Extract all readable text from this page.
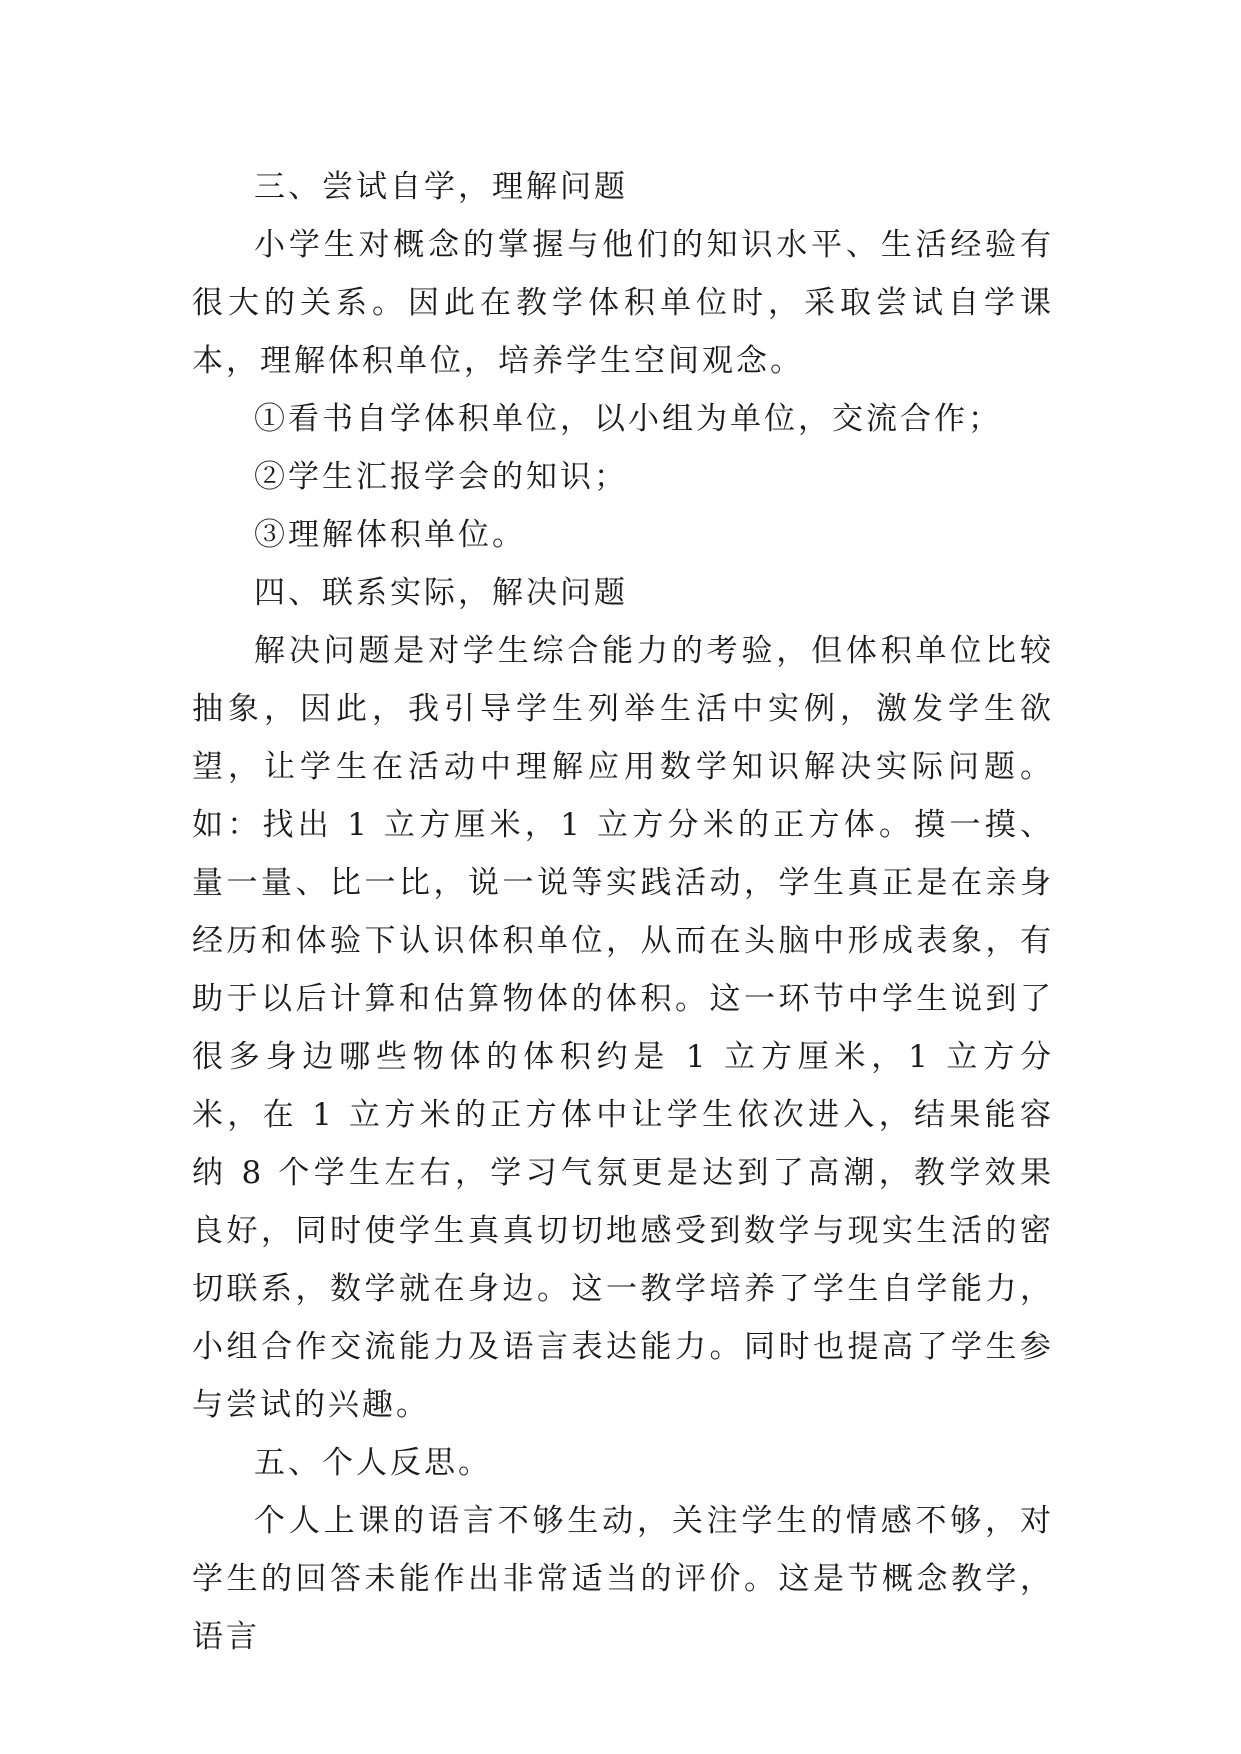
三、尝试自学，理解问题

小学生对概念的掌握与他们的知识水平、生活经验有很大的关系。因此在教学体积单位时，采取尝试自学课本，理解体积单位，培养学生空间观念。

①看书自学体积单位，以小组为单位，交流合作；

②学生汇报学会的知识；

③理解体积单位。

四、联系实际，解决问题

解决问题是对学生综合能力的考验，但体积单位比较抽象，因此，我引导学生列举生活中实例，激发学生欲望，让学生在活动中理解应用数学知识解决实际问题。如：找出 1 立方厘米，1 立方分米的正方体。摸一摸、量一量、比一比，说一说等实践活动，学生真正是在亲身经历和体验下认识体积单位，从而在头脑中形成表象，有助于以后计算和估算物体的体积。这一环节中学生说到了很多身边哪些物体的体积约是 1 立方厘米，1 立方分米，在 1 立方米的正方体中让学生依次进入，结果能容纳 8 个学生左右，学习气氛更是达到了高潮，教学效果良好，同时使学生真真切切地感受到数学与现实生活的密切联系，数学就在身边。这一教学培养了学生自学能力，小组合作交流能力及语言表达能力。同时也提高了学生参与尝试的兴趣。

五、个人反思。

个人上课的语言不够生动，关注学生的情感不够，对学生的回答未能作出非常适当的评价。这是节概念教学，语言
